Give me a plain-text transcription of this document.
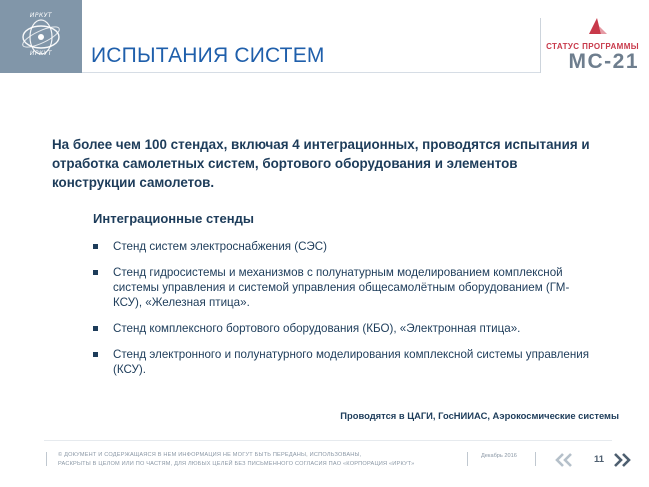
ИРКУТ
ИРКУТ	ИСПЫТАНИЯ СИСТЕМ	СТАТУС ПРОГРАММЫ
МС-21
На более чем 100 стендах, включая 4 интеграционных, проводятся испытания и отработка самолетных систем, бортового оборудования и элементов конструкции самолетов.
Интеграционные стенды
Стенд систем электроснабжения (СЭС)
Стенд гидросистемы и механизмов с полунатурным моделированием комплексной системы управления и системой управления общесамолётным оборудованием (ГМ-КСУ), «Железная птица».
Стенд комплексного бортового оборудования (КБО), «Электронная птица».
Стенд электронного и полунатурного моделирования комплексной системы управления (КСУ).
Проводятся в ЦАГИ, ГосНИИАС, Аэрокосмические системы
© ДОКУМЕНТ И СОДЕРЖАЩАЯСЯ В НЕМ ИНФОРМАЦИЯ НЕ МОГУТ БЫТЬ ПЕРЕДАНЫ, ИСПОЛЬЗОВАНЫ,
РАСКРЫТЫ В ЦЕЛОМ ИЛИ ПО ЧАСТЯМ, ДЛЯ ЛЮБЫХ ЦЕЛЕЙ БЕЗ ПИСЬМЕННОГО СОГЛАСИЯ ПАО «КОРПОРАЦИЯ «ИРКУТ»
Декабрь 2016	11
